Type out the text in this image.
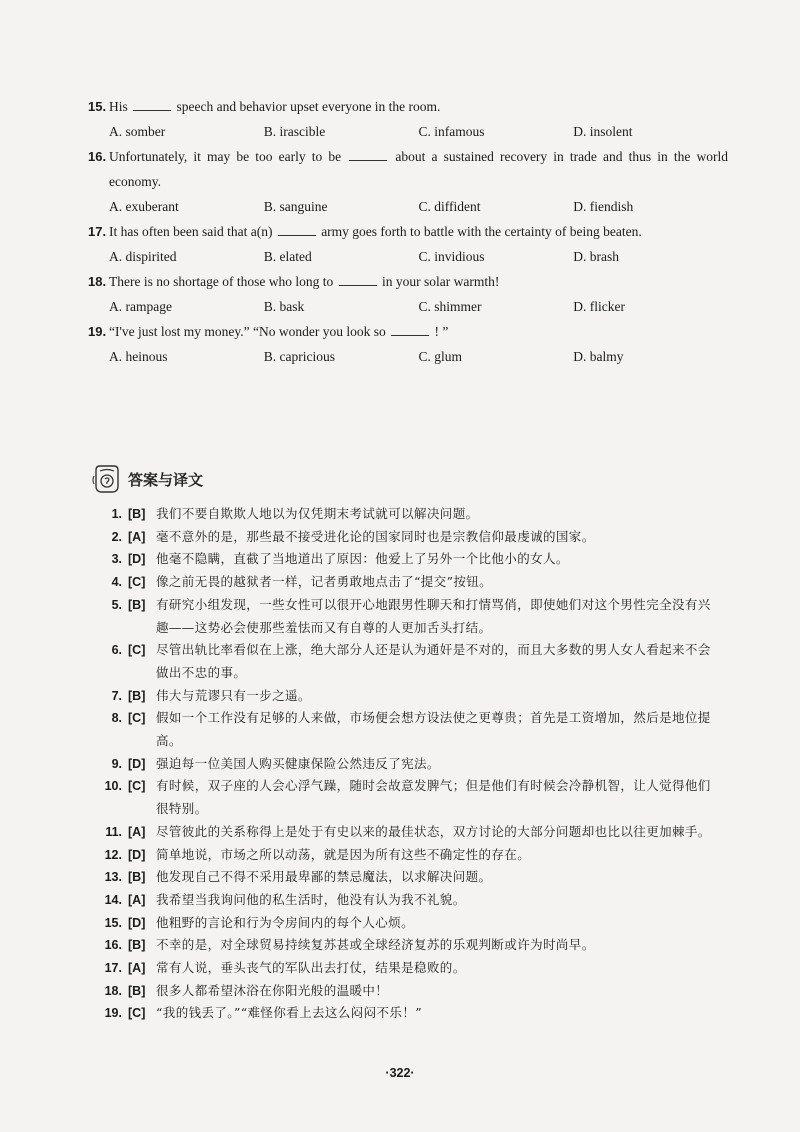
15. His	speech and behavior upset everyone in the room.
A. somber	B. irascible	C. infamous	D. insolent
16. Unfortunately, it may be too early to be	about a sustained recovery in trade and thus in the world economy.
A. exuberant	B. sanguine	C. diffident	D. fiendish
17. It has often been said that a(n)	army goes forth to battle with the certainty of being beaten.
A. dispirited	B. elated	C. invidious	D. brash
18. There is no shortage of those who long to	in your solar warmth!
A. rampage	B. bask	C. shimmer	D. flicker
19. “I've just lost my money.” “No wonder you look so	! ”
A. heinous	B. capricious	C. glum	D. balmy
答案与译文
1. [B] 我们不要自欺欺人地以为仅凭期末考试就可以解决问题。
2. [A] 毫不意外的是，那些最不接受进化论的国家同时也是宗教信仰最虔诚的国家。
3. [D] 他毫不隐瞒，直截了当地道出了原因：他爱上了另外一个比他小的女人。
4. [C] 像之前无畏的越狱者一样，记者勇敢地点击了“提交”按钮。
5. [B] 有研究小组发现，一些女性可以很开心地跟男性聊天和打情骂俏，即使她们对这个男性完全没有兴趣——这势必会使那些羞怯而又有自尊的人更加舌头打结。
6. [C] 尽管出轨比率看似在上涨，绝大部分人还是认为通奸是不对的，而且大多数的男人女人看起来不会做出不忠的事。
7. [B] 伟大与荒谬只有一步之遥。
8. [C] 假如一个工作没有足够的人来做，市场便会想方设法使之更尊贵；首先是工资增加，然后是地位提高。
9. [D] 强迫每一位美国人购买健康保险公然违反了宪法。
10. [C] 有时候，双子座的人会心浮气躁，随时会故意发脾气；但是他们有时候会冷静机智，让人觉得他们很特别。
11. [A] 尽管彼此的关系称得上是处于有史以来的最佳状态，双方讨论的大部分问题却也比以往更加棘手。
12. [D] 简单地说，市场之所以动荡，就是因为所有这些不确定性的存在。
13. [B] 他发现自己不得不采用最卑鄙的禁忌魔法，以求解决问题。
14. [A] 我希望当我询问他的私生活时，他没有认为我不礼貌。
15. [D] 他粗野的言论和行为令房间内的每个人心烦。
16. [B] 不幸的是，对全球贸易持续复苏甚或全球经济复苏的乐观判断或许为时尚早。
17. [A] 常有人说，垂头丧气的军队出去打仗，结果是稳败的。
18. [B] 很多人都希望沐浴在你阳光般的温暖中！
19. [C] “我的钱丢了。”“难怪你看上去这么闷闷不乐！”
·322·
